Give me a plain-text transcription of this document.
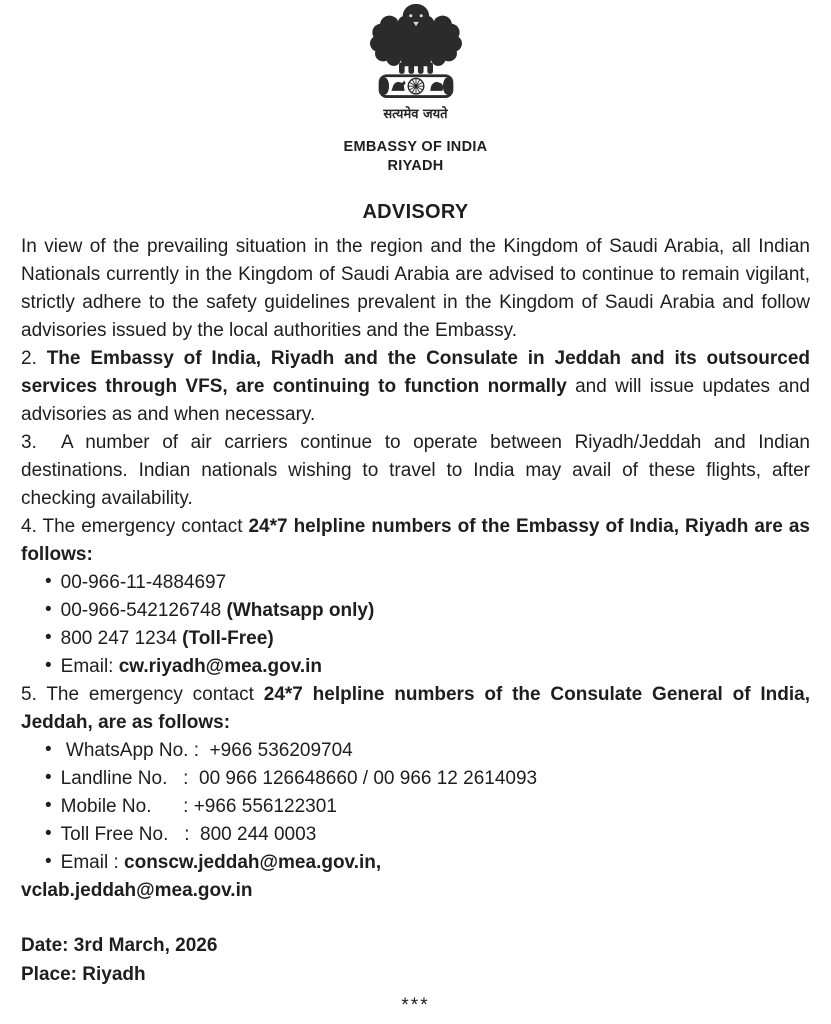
सत्यमेव जयते
EMBASSY OF INDIA
RIYADH
ADVISORY

In view of the prevailing situation in the region and the Kingdom of Saudi Arabia, all Indian Nationals currently in the Kingdom of Saudi Arabia are advised to continue to remain vigilant, strictly adhere to the safety guidelines prevalent in the Kingdom of Saudi Arabia and follow advisories issued by the local authorities and the Embassy.

2. The Embassy of India, Riyadh and the Consulate in Jeddah and its outsourced services through VFS, are continuing to function normally and will issue updates and advisories as and when necessary.

3.  A number of air carriers continue to operate between Riyadh/Jeddah and Indian destinations. Indian nationals wishing to travel to India may avail of these flights, after checking availability.

4. The emergency contact 24*7 helpline numbers of the Embassy of India, Riyadh are as follows:

• 00-966-11-4884697
• 00-966-542126748 (Whatsapp only)
• 800 247 1234 (Toll-Free)
• Email: cw.riyadh@mea.gov.in

5. The emergency contact 24*7 helpline numbers of the Consulate General of India, Jeddah, are as follows:

• WhatsApp No. :  +966 536209704
• Landline No.   :  00 966 126648660 / 00 966 12 2614093
• Mobile No.      : +966 556122301
• Toll Free No.   :  800 244 0003
• Email : conscw.jeddah@mea.gov.in,

vclab.jeddah@mea.gov.in

Date: 3rd March, 2026

Place: Riyadh

***
